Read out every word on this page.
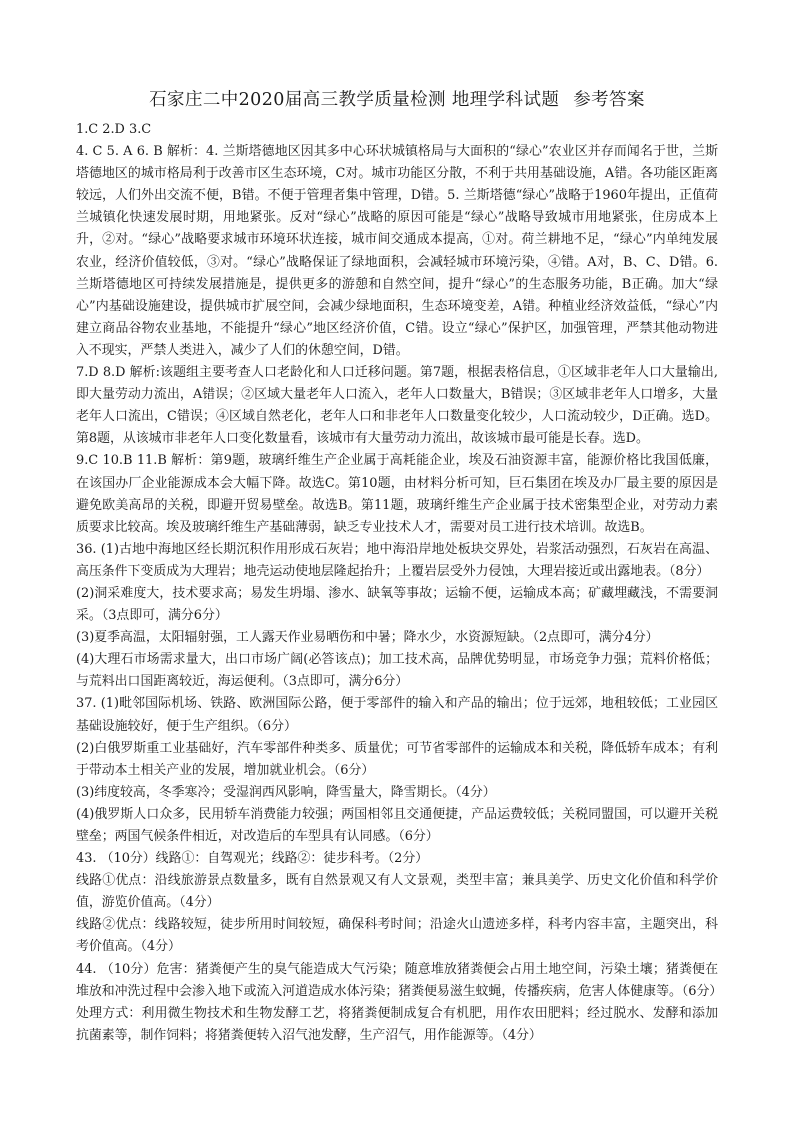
石家庄二中2020届高三教学质量检测 地理学科试题 参考答案

1.C 2.D 3.C

4. C 5. A 6. B 解析：4. 兰斯塔德地区因其多中心环状城镇格局与大面积的“绿心”农业区并存而闻名于世，兰斯塔德地区的城市格局利于改善市区生态环境，C对。城市功能区分散，不利于共用基础设施，A错。各功能区距离较远，人们外出交流不便，B错。不便于管理者集中管理，D错。5. 兰斯塔德“绿心”战略于1960年提出，正值荷兰城镇化快速发展时期，用地紧张。反对“绿心”战略的原因可能是“绿心”战略导致城市用地紧张，住房成本上升，②对。“绿心”战略要求城市环境环状连接，城市间交通成本提高，①对。荷兰耕地不足，“绿心”内单纯发展农业，经济价值较低，③对。“绿心”战略保证了绿地面积，会减轻城市环境污染，④错。A对，B、C、D错。6. 兰斯塔德地区可持续发展措施是，提供更多的游憩和自然空间，提升“绿心”的生态服务功能，B正确。加大“绿心”内基础设施建设，提供城市扩展空间，会减少绿地面积，生态环境变差，A错。种植业经济效益低，“绿心”内建立商品谷物农业基地，不能提升“绿心”地区经济价值，C错。设立“绿心”保护区，加强管理，严禁其他动物进入不现实，严禁人类进入，减少了人们的休憩空间，D错。

7.D 8.D 解析:该题组主要考查人口老龄化和人口迁移问题。第7题，根据表格信息，①区域非老年人口大量输出,即大量劳动力流出，A错误；②区域大量老年人口流入，老年人口数量大，B错误；③区域非老年人口增多，大量老年人口流出，C错误；④区域自然老化，老年人口和非老年人口数量变化较少，人口流动较少，D正确。选D。第8题，从该城市非老年人口变化数量看，该城市有大量劳动力流出，故该城市最可能是长春。选D。

9.C 10.B 11.B 解析：第9题，玻璃纤维生产企业属于高耗能企业，埃及石油资源丰富，能源价格比我国低廉，在该国办厂企业能源成本会大幅下降。故选C。第10题，由材料分析可知，巨石集团在埃及办厂最主要的原因是避免欧美高昂的关税，即避开贸易壁垒。故选B。第11题，玻璃纤维生产企业属于技术密集型企业，对劳动力素质要求比较高。埃及玻璃纤维生产基础薄弱，缺乏专业技术人才，需要对员工进行技术培训。故选B。

36. (1)古地中海地区经长期沉积作用形成石灰岩；地中海沿岸地处板块交界处，岩浆活动强烈，石灰岩在高温、高压条件下变质成为大理岩；地壳运动使地层隆起抬升；上覆岩层受外力侵蚀，大理岩接近或出露地表。（8分）

(2)洞采难度大，技术要求高；易发生坍塌、渗水、缺氧等事故；运输不便，运输成本高；矿藏埋藏浅，不需要洞采。（3点即可，满分6分）

(3)夏季高温，太阳辐射强，工人露天作业易晒伤和中暑；降水少，水资源短缺。（2点即可，满分4分）

(4)大理石市场需求量大，出口市场广阔(必答该点)；加工技术高，品牌优势明显，市场竞争力强；荒料价格低；与荒料出口国距离较近，海运便利。（3点即可，满分6分）

37. (1)毗邻国际机场、铁路、欧洲国际公路，便于零部件的输入和产品的输出；位于远郊，地租较低；工业园区基础设施较好，便于生产组织。（6分）

(2)白俄罗斯重工业基础好，汽车零部件种类多、质量优；可节省零部件的运输成本和关税，降低轿车成本；有利于带动本土相关产业的发展，增加就业机会。（6分）

(3)纬度较高，冬季寒冷；受湿润西风影响，降雪量大，降雪期长。（4分）

(4)俄罗斯人口众多，民用轿车消费能力较强；两国相邻且交通便捷，产品运费较低；关税同盟国，可以避开关税壁垒；两国气候条件相近，对改造后的车型具有认同感。（6分）

43. （10分）线路①：自驾观光；线路②：徒步科考。（2分）

线路①优点：沿线旅游景点数量多，既有自然景观又有人文景观，类型丰富；兼具美学、历史文化价值和科学价值，游览价值高。（4分）

线路②优点：线路较短，徒步所用时间较短，确保科考时间；沿途火山遗迹多样，科考内容丰富，主题突出，科考价值高。（4分）

44. （10分）危害：猪粪便产生的臭气能造成大气污染；随意堆放猪粪便会占用土地空间，污染土壤；猪粪便在堆放和冲洗过程中会渗入地下或流入河道造成水体污染；猪粪便易滋生蚊蝇，传播疾病，危害人体健康等。（6分）

处理方式：利用微生物技术和生物发酵工艺，将猪粪便制成复合有机肥，用作农田肥料；经过脱水、发酵和添加抗菌素等，制作饲料；将猪粪便转入沼气池发酵，生产沼气，用作能源等。（4分）
